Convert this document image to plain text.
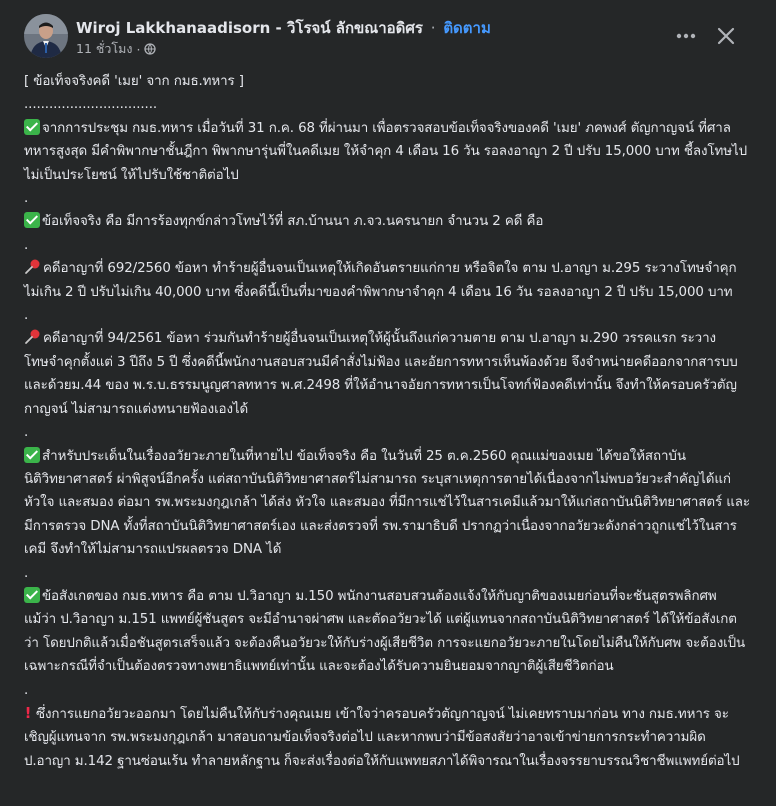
Wiroj Lakkhanaadisorn - วิโรจน์ ลักขณาอดิศร · ติดตาม
11 ชั่วโมง ·

[ ข้อเท็จจริงคดี 'เมย' จาก กมธ.ทหาร ]

................................

จากการประชุม กมธ.ทหาร เมื่อวันที่ 31 ก.ค. 68 ที่ผ่านมา เพื่อตรวจสอบข้อเท็จจริงของคดี 'เมย' ภคพงศ์ ตัญกาญจน์ ที่ศาลทหารสูงสุด มีคำพิพากษาชั้นฎีกา พิพากษารุ่นพี่ในคดีเมย ให้จำคุก 4 เดือน 16 วัน รอลงอาญา 2 ปี ปรับ 15,000 บาท ชี้ลงโทษไปไม่เป็นประโยชน์ ให้ไปรับใช้ชาติต่อไป

.

ข้อเท็จจริง คือ มีการร้องทุกข์กล่าวโทษไว้ที่ สภ.บ้านนา ภ.จว.นครนายก จำนวน 2 คดี คือ

.

คดีอาญาที่ 692/2560 ข้อหา ทำร้ายผู้อื่นจนเป็นเหตุให้เกิดอันตรายแก่กาย หรือจิตใจ ตาม ป.อาญา ม.295 ระวางโทษจำคุกไม่เกิน 2 ปี ปรับไม่เกิน 40,000 บาท ซึ่งคดีนี้เป็นที่มาของคำพิพากษาจำคุก 4 เดือน 16 วัน รอลงอาญา 2 ปี ปรับ 15,000 บาท

.

คดีอาญาที่ 94/2561 ข้อหา ร่วมกันทำร้ายผู้อื่นจนเป็นเหตุให้ผู้นั้นถึงแก่ความตาย ตาม ป.อาญา ม.290 วรรคแรก ระวางโทษจำคุกตั้งแต่ 3 ปีถึง 5 ปี ซึ่งคดีนี้พนักงานสอบสวนมีคำสั่งไม่ฟ้อง และอัยการทหารเห็นพ้องด้วย จึงจำหน่ายคดีออกจากสารบบ และด้วยม.44 ของ พ.ร.บ.ธรรมนูญศาลทหาร พ.ศ.2498 ที่ให้อำนาจอัยการทหารเป็นโจทก์ฟ้องคดีเท่านั้น จึงทำให้ครอบครัวตัญกาญจน์ ไม่สามารถแต่งทนายฟ้องเองได้

.

สำหรับประเด็นในเรื่องอวัยวะภายในที่หายไป ข้อเท็จจริง คือ ในวันที่ 25 ต.ค.2560 คุณแม่ของเมย ได้ขอให้สถาบันนิติวิทยาศาสตร์ ผ่าพิสูจน์อีกครั้ง แต่สถาบันนิติวิทยาศาสตร์ไม่สามารถ ระบุสาเหตุการตายได้เนื่องจากไม่พบอวัยวะสำคัญได้แก่ หัวใจ และสมอง ต่อมา รพ.พระมงกุฎเกล้า ได้ส่ง หัวใจ และสมอง ที่มีการแช่ไว้ในสารเคมีแล้วมาให้แก่สถาบันนิติวิทยาศาสตร์ และมีการตรวจ DNA ทั้งที่สถาบันนิติวิทยาศาสตร์เอง และส่งตรวจที่ รพ.รามาธิบดี ปรากฏว่าเนื่องจากอวัยวะดังกล่าวถูกแช่ไว้ในสารเคมี จึงทำให้ไม่สามารถแปรผลตรวจ DNA ได้

.

ข้อสังเกตของ กมธ.ทหาร คือ ตาม ป.วิอาญา ม.150 พนักงานสอบสวนต้องแจ้งให้กับญาติของเมยก่อนที่จะชันสูตรพลิกศพ แม้ว่า ป.วิอาญา ม.151 แพทย์ผู้ชันสูตร จะมีอำนาจผ่าศพ และตัดอวัยวะได้ แต่ผู้แทนจากสถาบันนิติวิทยาศาสตร์ ได้ให้ข้อสังเกตว่า โดยปกติแล้วเมื่อชันสูตรเสร็จแล้ว จะต้องคืนอวัยวะให้กับร่างผู้เสียชีวิต การจะแยกอวัยวะภายในโดยไม่คืนให้กับศพ จะต้องเป็นเฉพาะกรณีที่จำเป็นต้องตรวจทางพยาธิแพทย์เท่านั้น และจะต้องได้รับความยินยอมจากญาติผู้เสียชีวิตก่อน

.

! ซึ่งการแยกอวัยวะออกมา โดยไม่คืนให้กับร่างคุณเมย เข้าใจว่าครอบครัวตัญกาญจน์ ไม่เคยทราบมาก่อน ทาง กมธ.ทหาร จะเชิญผู้แทนจาก รพ.พระมงกุฎเกล้า มาสอบถามข้อเท็จจริงต่อไป และหากพบว่ามีข้อสงสัยว่าอาจเข้าข่ายการกระทำความผิด ป.อาญา ม.142 ฐานซ่อนเร้น ทำลายหลักฐาน ก็จะส่งเรื่องต่อให้กับแพทยสภาได้พิจารณาในเรื่องจรรยาบรรณวิชาชีพแพทย์ต่อไป
